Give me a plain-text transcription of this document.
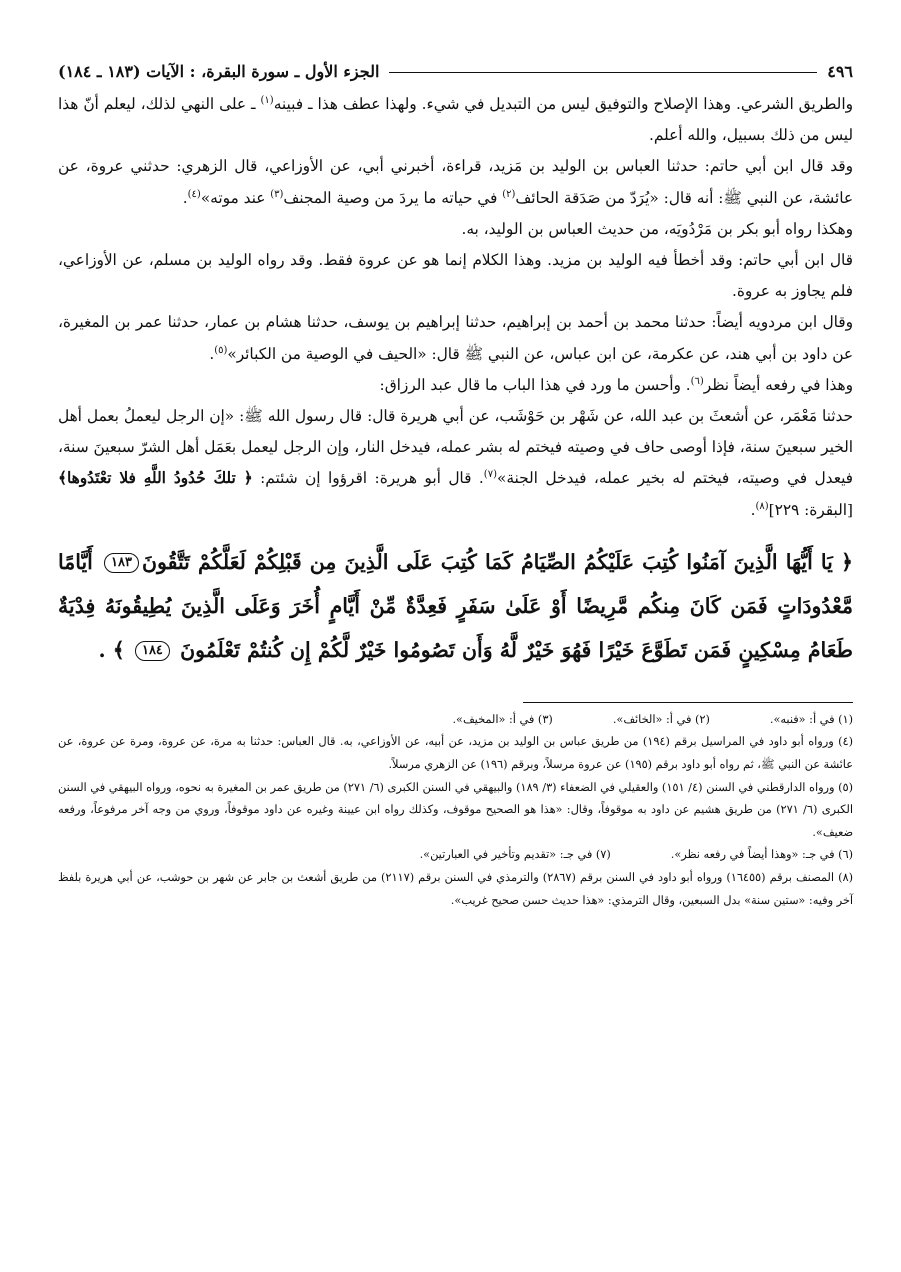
٤٩٦
الجزء الأول ـ سورة البقرة، : الآيات (١٨٣ ـ ١٨٤)

والطريق الشرعي. وهذا الإصلاح والتوفيق ليس من التبديل في شيء. ولهذا عطف هذا ـ فبينه$^{(١)}$ ـ على النهي لذلك، ليعلم أنّ هذا ليس من ذلك بسبيل، والله أعلم.

وقد قال ابن أبي حاتم: حدثنا العباس بن الوليد بن مَزيد، قراءة، أخبرني أبي، عن الأوزاعي، قال الزهري: حدثني عروة، عن عائشة، عن النبي ﷺ: أنه قال: «يُرَدّ من صَدَقة الحائف$^{(٢)}$ في حياته ما يردَ من وصية المجنف$^{(٣)}$ عند موته»$^{(٤)}$.

وهكذا رواه أبو بكر بن مَرْدُويَه، من حديث العباس بن الوليد، به.

قال ابن أبي حاتم: وقد أخطأ فيه الوليد بن مزيد. وهذا الكلام إنما هو عن عروة فقط. وقد رواه الوليد بن مسلم، عن الأوزاعي، فلم يجاوز به عروة.

وقال ابن مردويه أيضاً: حدثنا محمد بن أحمد بن إبراهيم، حدثنا إبراهيم بن يوسف، حدثنا هشام بن عمار، حدثنا عمر بن المغيرة، عن داود بن أبي هند، عن عكرمة، عن ابن عباس، عن النبي ﷺ قال: «الحيف في الوصية من الكبائر»$^{(٥)}$.

وهذا في رفعه أيضاً نظر$^{(٦)}$. وأحسن ما ورد في هذا الباب ما قال عبد الرزاق:

حدثنا مَعْمَر، عن أشعثَ بن عبد الله، عن شَهْر بن حَوْشَب، عن أبي هريرة قال: قال رسول الله ﷺ: «إن الرجل ليعملُ بعمل أهل الخير سبعينَ سنة، فإذا أوصى حاف في وصيته فيختم له بشر عمله، فيدخل النار، وإن الرجل ليعمل بعَمَل أهل الشرّ سبعينَ سنة، فيعدل في وصيته، فيختم له بخير عمله، فيدخل الجنة»$^{(٧)}$. قال أبو هريرة: اقرؤوا إن شئتم: ﴿ تلكَ حُدُودُ اللَّهِ فلا تعْتَدُوها﴾ [البقرة: ٢٢٩]$^{(٨)}$.

﴿ يَا أَيُّهَا الَّذِينَ آمَنُوا كُتِبَ عَلَيْكُمُ الصِّيَامُ كَمَا كُتِبَ عَلَى الَّذِينَ مِن قَبْلِكُمْ لَعَلَّكُمْ تَتَّقُونَ١٨٣ أَيَّامًا مَّعْدُودَاتٍ فَمَن كَانَ مِنكُم مَّرِيضًا أَوْ عَلَىٰ سَفَرٍ فَعِدَّةٌ مِّنْ أَيَّامٍ أُخَرَ وَعَلَى الَّذِينَ يُطِيقُونَهُ فِدْيَةٌ طَعَامُ مِسْكِينٍ فَمَن تَطَوَّعَ خَيْرًا فَهُوَ خَيْرٌ لَّهُ وَأَن تَصُومُوا خَيْرٌ لَّكُمْ إِن كُنتُمْ تَعْلَمُونَ ١٨٤ ﴾ .
(١) في أ: «فنبه».
(٢) في أ: «الخائف».
(٣) في أ: «المخيف».

(٤) ورواه أبو داود في المراسيل برقم (١٩٤) من طريق عباس بن الوليد بن مزيد، عن أبيه، عن الأوزاعي، به. قال العباس: حدثنا به مرة، عن عروة، ومرة عن عروة، عن عائشة عن النبي ﷺ، ثم رواه أبو داود برقم (١٩٥) عن عروة مرسلاً، وبرقم (١٩٦) عن الزهري مرسلاً.

(٥) ورواه الدارقطني في السنن (٤/ ١٥١) والعقيلي في الضعفاء (٣/ ١٨٩) والبيهقي في السنن الكبرى (٦/ ٢٧١) من طريق عمر بن المغيرة به نحوه، ورواه البيهقي في السنن الكبرى (٦/ ٢٧١) من طريق هشيم عن داود به موقوفاً، وقال: «هذا هو الصحيح موقوف، وكذلك رواه ابن عيينة وغيره عن داود موقوفاً، وروي من وجه آخر مرفوعاً، ورفعه ضعيف».

(٦) في جـ: «وهذا أيضاً في رفعه نظر».
(٧) في جـ: «تقديم وتأخير في العبارتين».

(٨) المصنف برقم (١٦٤٥٥) ورواه أبو داود في السنن برقم (٢٨٦٧) والترمذي في السنن برقم (٢١١٧) من طريق أشعث بن جابر عن شهر بن حوشب، عن أبي هريرة بلفظ آخر وفيه: «ستين سنة» بدل السبعين، وقال الترمذي: «هذا حديث حسن صحيح غريب».
